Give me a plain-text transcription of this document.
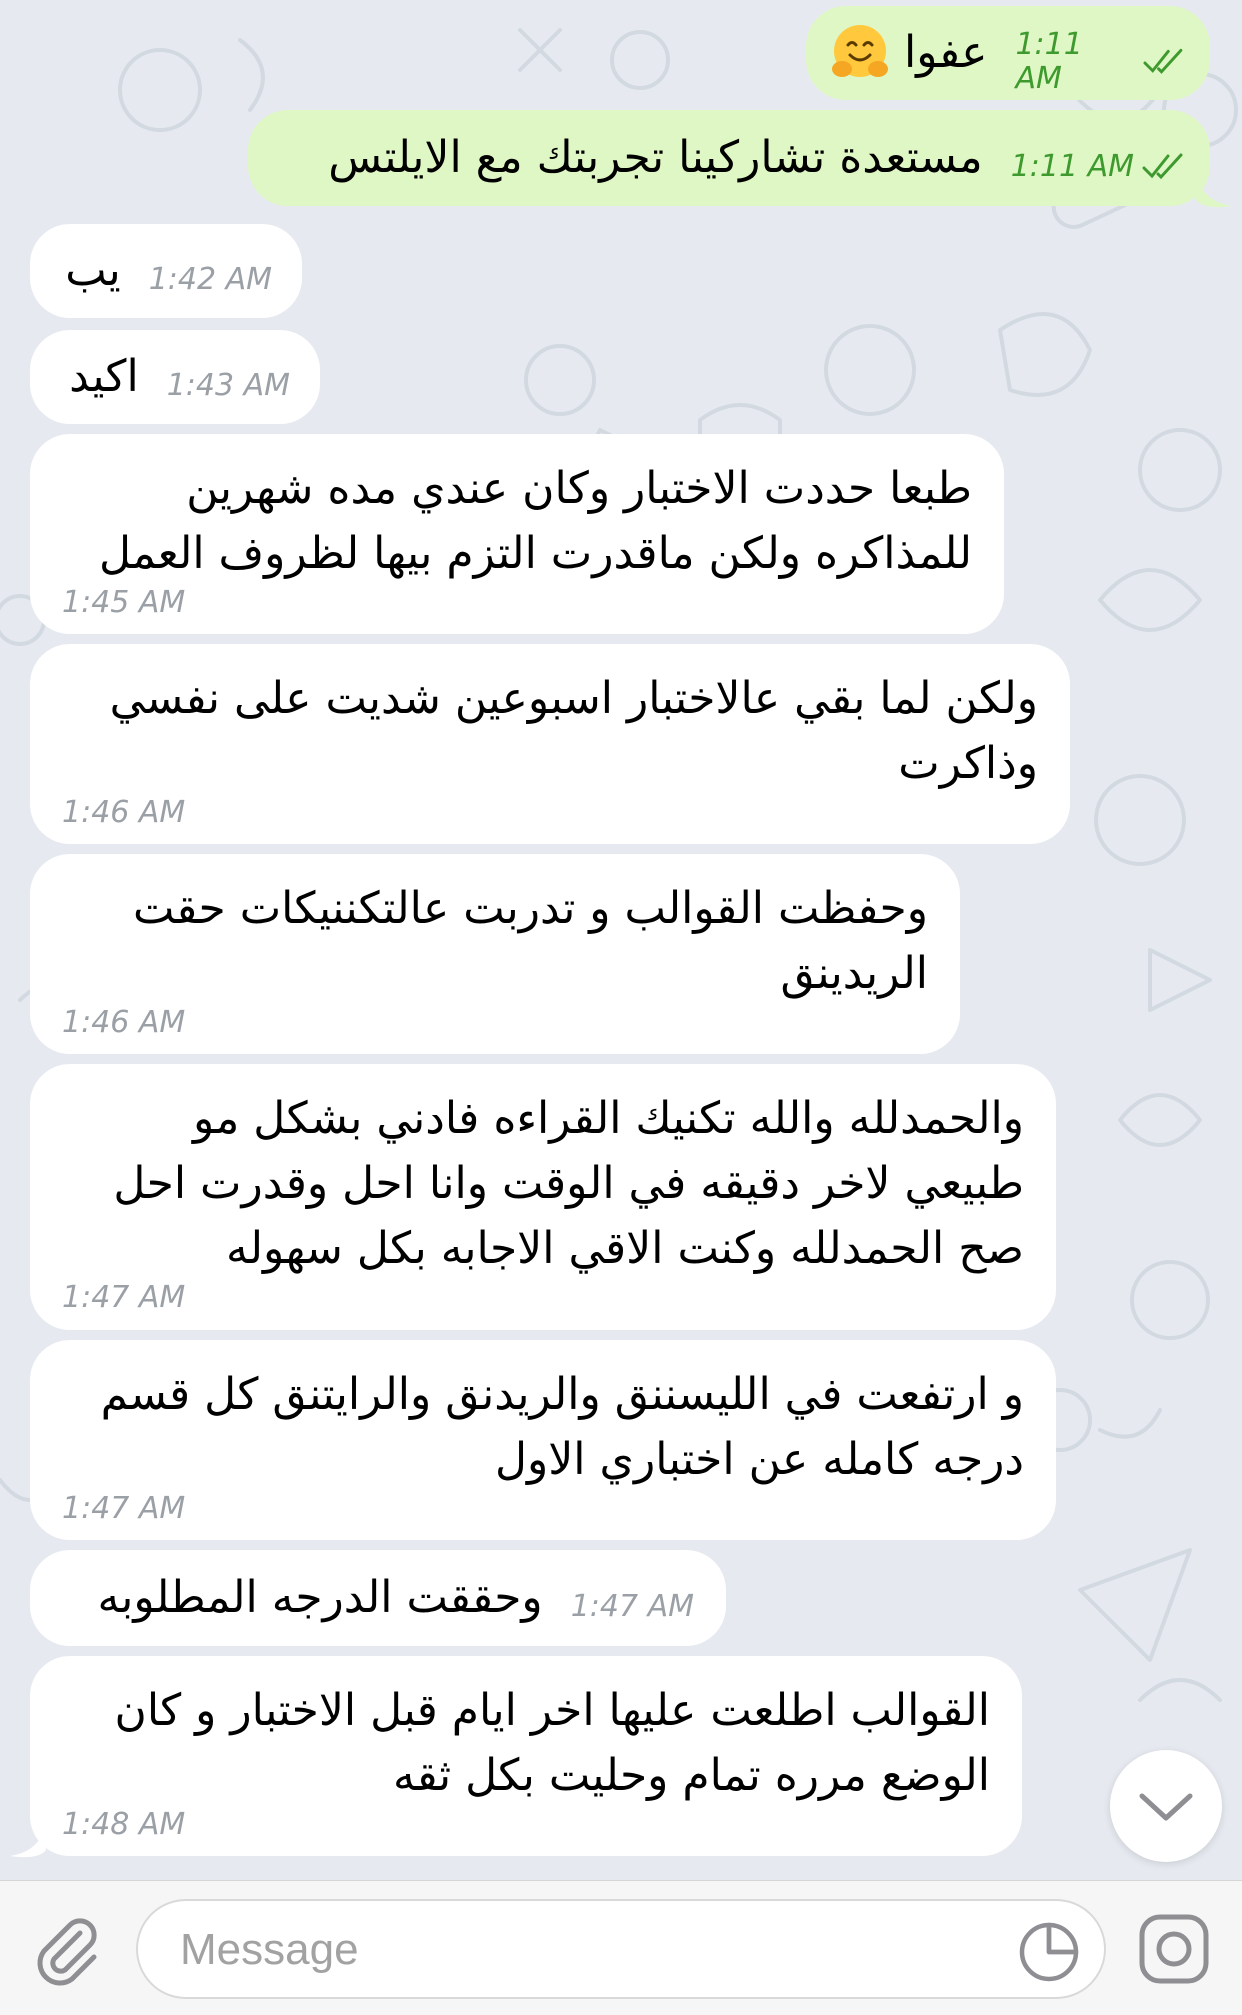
عفوا 1:11 AM
مستعدة تشاركينا تجربتك مع الايلتس 1:11 AM
يب 1:42 AM
اكيد 1:43 AM
طبعا حددت الاختبار وكان عندي مده شهرين
للمذاكره ولكن ماقدرت التزم بيها لظروف العمل
1:45 AM
ولكن لما بقي عالاختبار اسبوعين شديت على نفسي
وذاكرت
1:46 AM
وحفظت القوالب و تدربت عالتكننيكات حقت
الريدينق
1:46 AM
والحمدلله والله تكنيك القراءه فادني بشكل مو
طبيعي لاخر دقيقه في الوقت وانا احل وقدرت احل
صح الحمدلله وكنت الاقي الاجابه بكل سهوله
1:47 AM
و ارتفعت في الليسننق والريدنق والرايتنق كل قسم
درجه كامله عن اختباري الاول
1:47 AM
وحققت الدرجه المطلوبه 1:47 AM
القوالب اطلعت عليها اخر ايام قبل الاختبار و كان
الوضع مرره تمام وحليت بكل ثقه
1:48 AM
Message
